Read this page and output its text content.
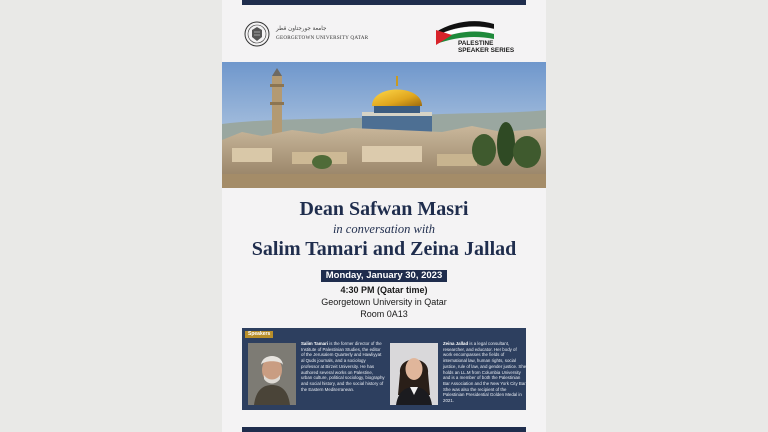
جامعة جورجتاون قطر
GEORGETOWN UNIVERSITY QATAR
PALESTINE
SPEAKER SERIES
Dean Safwan Masri
in conversation with
Salim Tamari and Zeina Jallad
Monday, January 30, 2023
4:30 PM (Qatar time)
Georgetown University in Qatar
Room 0A13
Speakers
Salim Tamari is the former director of the Institute of Palestinian Studies, the editor of the Jerusalem Quarterly and Hawliyyat al Quds journals, and a sociology professor at Birzeit University. He has authored several works on Palestine, urban culture, political sociology, biography and social history, and the social history of the Eastern Mediterranean.
Zeina Jallad is a legal consultant, researcher, and educator. Her body of work encompasses the fields of international law, human rights, social justice, rule of law, and gender justice. She holds an LL.M from Columbia University and is a member of both the Palestinian Bar Association and the New York City Bar. She was also the recipient of the Palestinian Presidential Golden Medal in 2021.
